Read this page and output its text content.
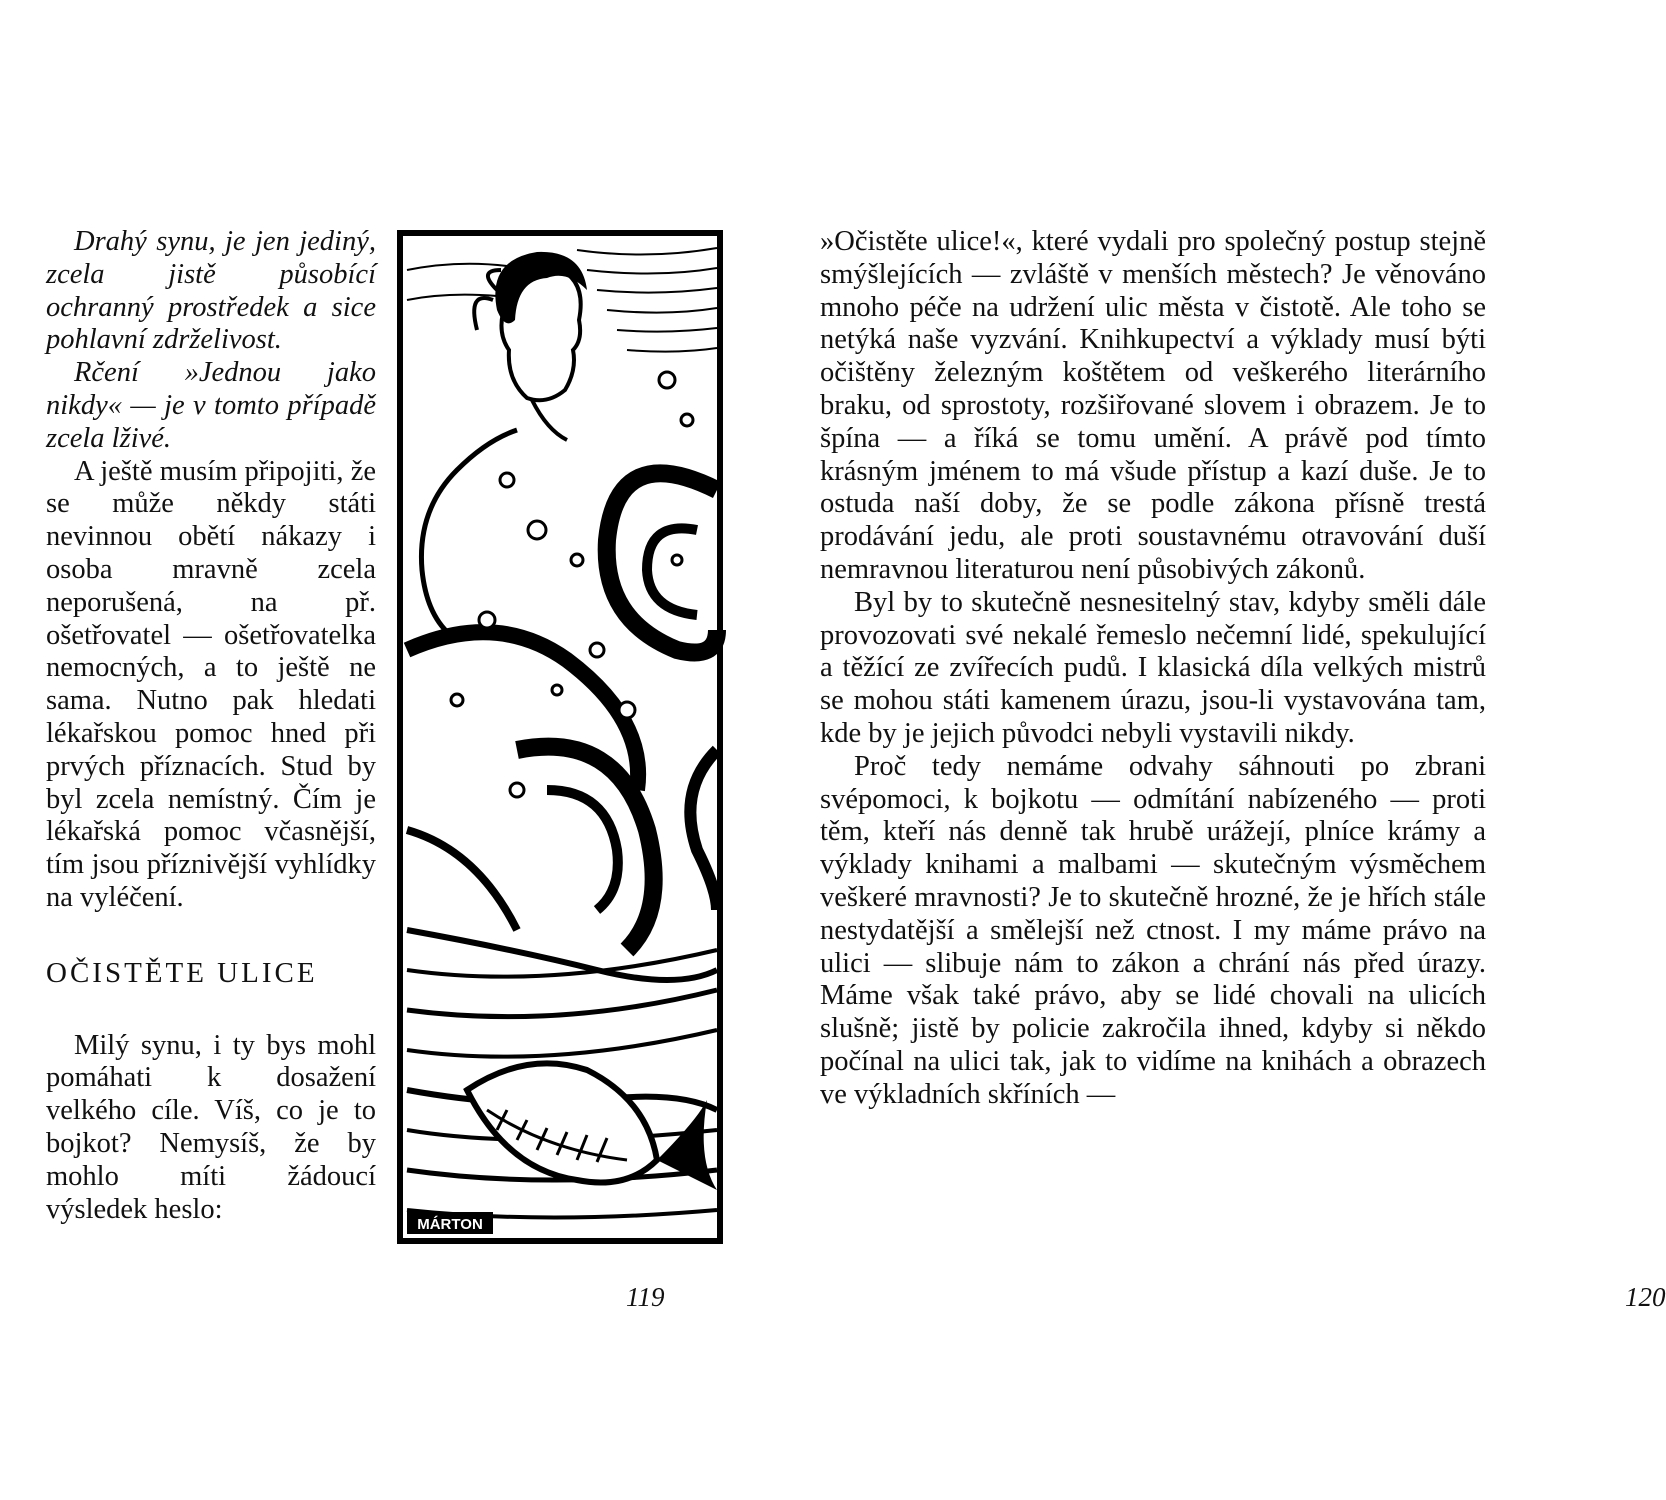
Drahý synu, je jen jediný, zcela jistě působící ochranný prostředek a sice pohlavní zdrželivost.

Rčení »Jednou jako nikdy« — je v tomto případě zcela lživé.

A ještě musím připojiti, že se může někdy státi nevinnou obětí nákazy i osoba mravně zcela neporušená, na př. ošetřovatel — ošetřovatelka nemocných, a to ještě ne sama. Nutno pak hledati lékařskou pomoc hned při prvých příznacích. Stud by byl zcela nemístný. Čím je lékařská pomoc včasnější, tím jsou příznivější vyhlídky na vyléčení.

OČISTĚTE ULICE

Milý synu, i ty bys mohl pomáhati k dosažení velkého cíle. Víš, co je to bojkot? Nemysíš, že by mohlo míti žádoucí výsledek heslo:	MÁRTON
119	120

»Očistěte ulice!«, které vydali pro společný postup stejně smýšlejících — zvláště v menších městech? Je věnováno mnoho péče na udržení ulic města v čistotě. Ale toho se netýká naše vyzvání. Knihkupectví a výklady musí býti očištěny železným koštětem od veškerého literárního braku, od sprostoty, rozšiřované slovem i obrazem. Je to špína — a říká se tomu umění. A právě pod tímto krásným jménem to má všude přístup a kazí duše. Je to ostuda naší doby, že se podle zákona přísně trestá prodávání jedu, ale proti soustavnému otravování duší nemravnou literaturou není působivých zákonů.

Byl by to skutečně nesnesitelný stav, kdyby směli dále provozovati své nekalé řemeslo nečemní lidé, spekulující a těžící ze zvířecích pudů. I klasická díla velkých mistrů se mohou státi kamenem úrazu, jsou-li vystavována tam, kde by je jejich původci nebyli vystavili nikdy.

Proč tedy nemáme odvahy sáhnouti po zbrani svépomoci, k bojkotu — odmítání nabízeného — proti těm, kteří nás denně tak hrubě urážejí, plníce krámy a výklady knihami a malbami — skutečným výsměchem veškeré mravnosti? Je to skutečně hrozné, že je hřích stále nestydatější a smělejší než ctnost. I my máme právo na ulici — slibuje nám to zákon a chrání nás před úrazy. Máme však také právo, aby se lidé chovali na ulicích slušně; jistě by policie zakročila ihned, kdyby si někdo počínal na ulici tak, jak to vidíme na knihách a obrazech ve výkladních skříních —
